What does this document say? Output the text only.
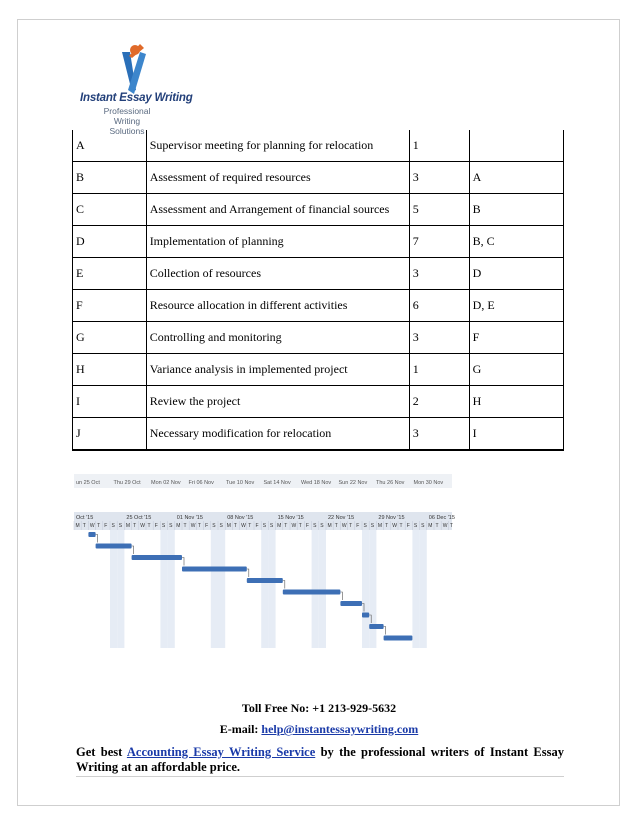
Instant Essay Writing
Professional Writing
Solutions
A	Supervisor meeting for planning for relocation	1	
B	Assessment of required resources	3	A
C	Assessment and Arrangement of financial sources	5	B
D	Implementation of planning	7	B, C
E	Collection of resources	3	D
F	Resource allocation in different activities	6	D, E
G	Controlling and monitoring	3	F
H	Variance analysis in implemented project	1	G
I	Review the project	2	H
J	Necessary modification for relocation	3	I
un 25 Oct Thu 29 Oct Mon 02 Nov Fri 06 Nov Tue 10 Nov Sat 14 Nov Wed 18 Nov Sun 22 Nov Thu 26 Nov Mon 30 Nov
Oct '15	25 Oct '15	01 Nov '15	08 Nov '15	15 Nov '15	22 Nov '15	29 Nov '15	06 Dec '15
M T W T F S S M T W T F S S M T W T F S S M T W T F S S M T W T F S S M T W T F S S M T W T F S S M T W T
Toll Free No: +1 213-929-5632
E-mail: help@instantessaywriting.com
Get best Accounting Essay Writing Service by the professional writers of Instant Essay Writing at an affordable price.
